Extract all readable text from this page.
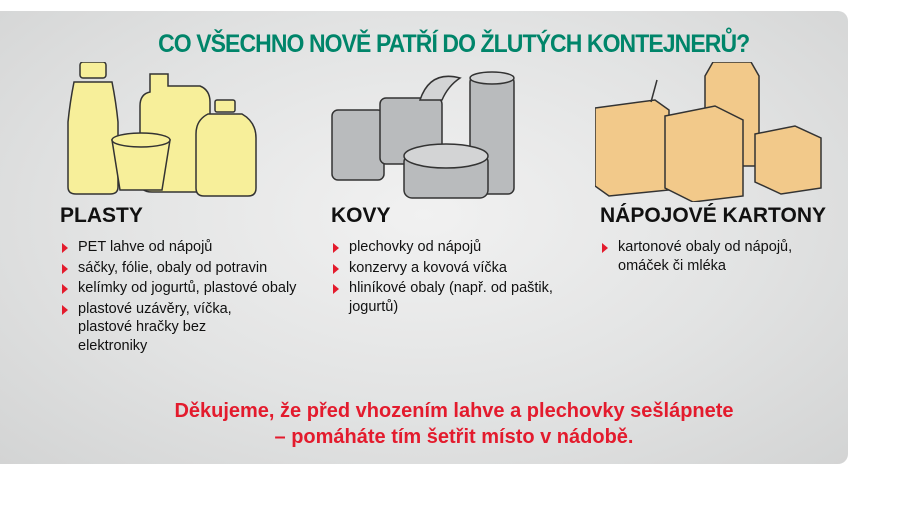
CO VŠECHNO NOVĚ PATŘÍ DO ŽLUTÝCH KONTEJNERŮ?
PLASTY
PET lahve od nápojů
sáčky, fólie, obaly od potravin
kelímky od jogurtů, plastové obaly
plastové uzávěry, víčka, plastové hračky bez elektroniky
KOVY
plechovky od nápojů
konzervy a kovová víčka
hliníkové obaly (např. od paštik, jogurtů)
NÁPOJOVÉ KARTONY
kartonové obaly od nápojů, omáček či mléka
Děkujeme, že před vhozením lahve a plechovky sešlápnete
– pomáháte tím šetřit místo v nádobě.
